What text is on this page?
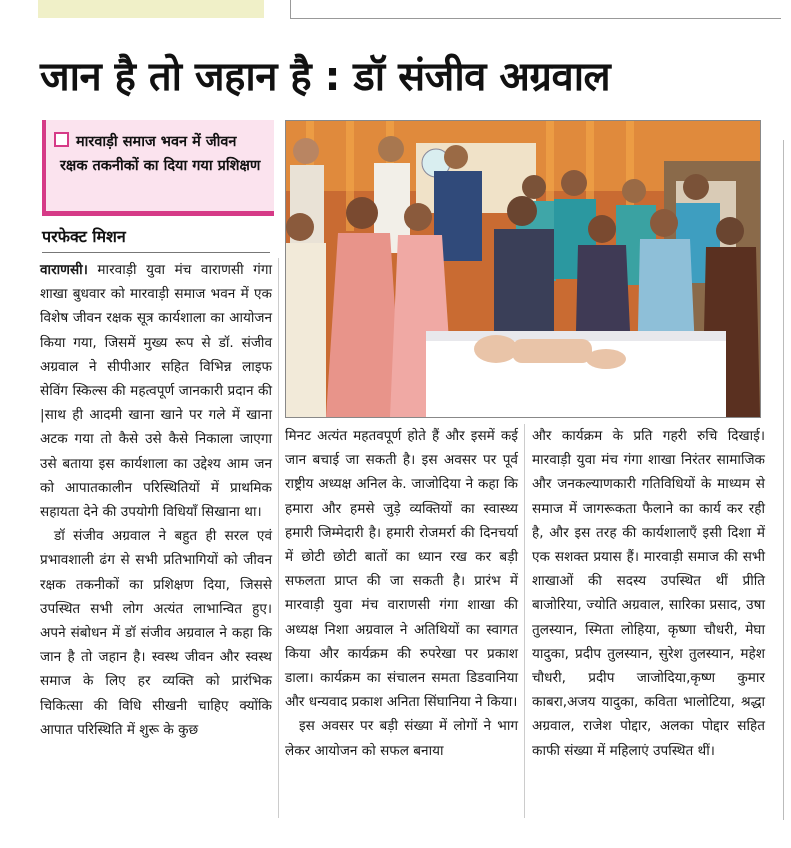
जान है तो जहान है : डॉ संजीव अग्रवाल
मारवाड़ी समाज भवन में जीवन रक्षक तकनीकों का दिया गया प्रशिक्षण
परफेक्ट मिशन

वाराणसी। मारवाड़ी युवा मंच वाराणसी गंगा शाखा बुधवार को मारवाड़ी समाज भवन में एक विशेष जीवन रक्षक सूत्र कार्यशाला का आयोजन किया गया, जिसमें मुख्य रूप से डॉ. संजीव अग्रवाल ने सीपीआर सहित विभिन्न लाइफ सेविंग स्किल्स की महत्वपूर्ण जानकारी प्रदान की |साथ ही आदमी खाना खाने पर गले में खाना अटक गया तो कैसे उसे कैसे निकाला जाएगा उसे बताया इस कार्यशाला का उद्देश्य आम जन को आपातकालीन परिस्थितियों में प्राथमिक सहायता देने की उपयोगी विधियाँ सिखाना था।

डॉ संजीव अग्रवाल ने बहुत ही सरल एवं प्रभावशाली ढंग से सभी प्रतिभागियों को जीवन रक्षक तकनीकों का प्रशिक्षण दिया, जिससे उपस्थित सभी लोग अत्यंत लाभान्वित हुए। अपने संबोधन में डॉ संजीव अग्रवाल ने कहा कि जान है तो जहान है। स्वस्थ जीवन और स्वस्थ समाज के लिए हर व्यक्ति को प्रारंभिक चिकित्सा की विधि सीखनी चाहिए क्योंकि आपात परिस्थिति में शुरू के कुछ

मिनट अत्यंत महतवपूर्ण होते हैं और इसमें कई जान बचाई जा सकती है। इस अवसर पर पूर्व राष्ट्रीय अध्यक्ष अनिल के. जाजोदिया ने कहा कि हमारा और हमसे जुड़े व्यक्तियों का स्वास्थ्य हमारी जिम्मेदारी है। हमारी रोजमर्रा की दिनचर्या में छोटी छोटी बातों का ध्यान रख कर बड़ी सफलता प्राप्त की जा सकती है। प्रारंभ में मारवाड़ी युवा मंच वाराणसी गंगा शाखा की अध्यक्ष निशा अग्रवाल ने अतिथियों का स्वागत किया और कार्यक्रम की रुपरेखा पर प्रकाश डाला। कार्यक्रम का संचालन समता डिडवानिया और धन्यवाद प्रकाश अनिता सिंघानिया ने किया।

इस अवसर पर बड़ी संख्या में लोगों ने भाग लेकर आयोजन को सफल बनाया

और कार्यक्रम के प्रति गहरी रुचि दिखाई। मारवाड़ी युवा मंच गंगा शाखा निरंतर सामाजिक और जनकल्याणकारी गतिविधियों के माध्यम से समाज में जागरूकता फैलाने का कार्य कर रही है, और इस तरह की कार्यशालाएँ इसी दिशा में एक सशक्त प्रयास हैं। मारवाड़ी समाज की सभी शाखाओं की सदस्य उपस्थित थीं प्रीति बाजोरिया, ज्योति अग्रवाल, सारिका प्रसाद, उषा तुलस्यान, स्मिता लोहिया, कृष्णा चौधरी, मेघा यादुका, प्रदीप तुलस्यान, सुरेश तुलस्यान, महेश चौधरी, प्रदीप जाजोदिया,कृष्ण कुमार काबरा,अजय यादुका, कविता भालोटिया, श्रद्धा अग्रवाल, राजेश पोद्दार, अलका पोद्दार सहित काफी संख्या में महिलाएं उपस्थित थीं।
